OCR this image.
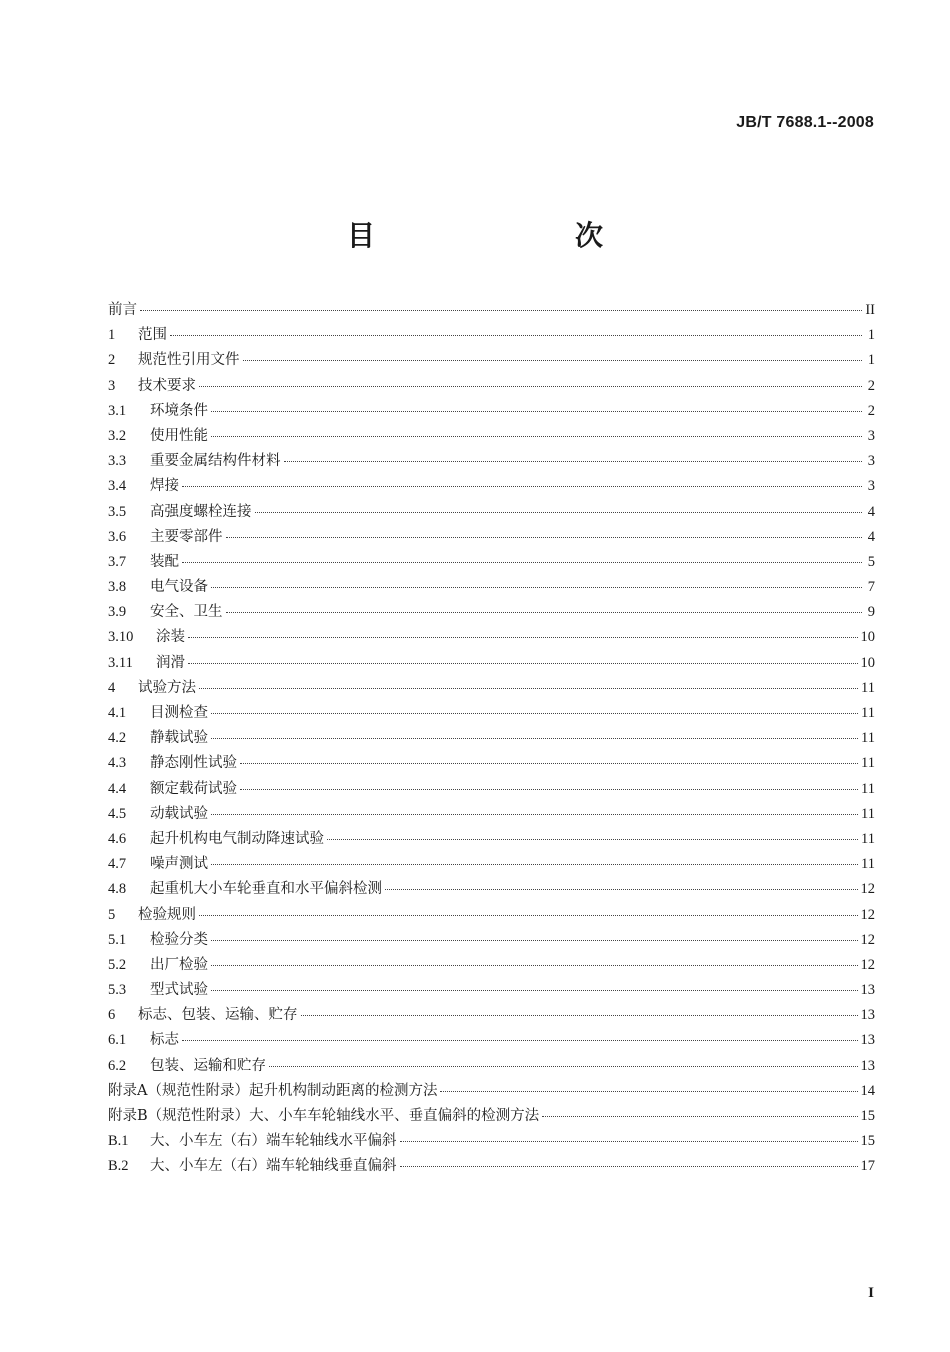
JB/T 7688.1--2008
目　　次
前言	II
1	范围	1
2	规范性引用文件	1
3	技术要求	2
3.1	环境条件	2
3.2	使用性能	3
3.3	重要金属结构件材料	3
3.4	焊接	3
3.5	高强度螺栓连接	4
3.6	主要零部件	4
3.7	装配	5
3.8	电气设备	7
3.9	安全、卫生	9
3.10	涂装	10
3.11	润滑	10
4	试验方法	11
4.1	目测检查	11
4.2	静载试验	11
4.3	静态刚性试验	11
4.4	额定载荷试验	11
4.5	动载试验	11
4.6	起升机构电气制动降速试验	11
4.7	噪声测试	11
4.8	起重机大小车轮垂直和水平偏斜检测	12
5	检验规则	12
5.1	检验分类	12
5.2	出厂检验	12
5.3	型式试验	13
6	标志、包装、运输、贮存	13
6.1	标志	13
6.2	包装、运输和贮存	13
附录A（规范性附录）起升机构制动距离的检测方法	14
附录B（规范性附录）大、小车车轮轴线水平、垂直偏斜的检测方法	15
B.1	大、小车左（右）端车轮轴线水平偏斜	15
B.2	大、小车左（右）端车轮轴线垂直偏斜	17
I
